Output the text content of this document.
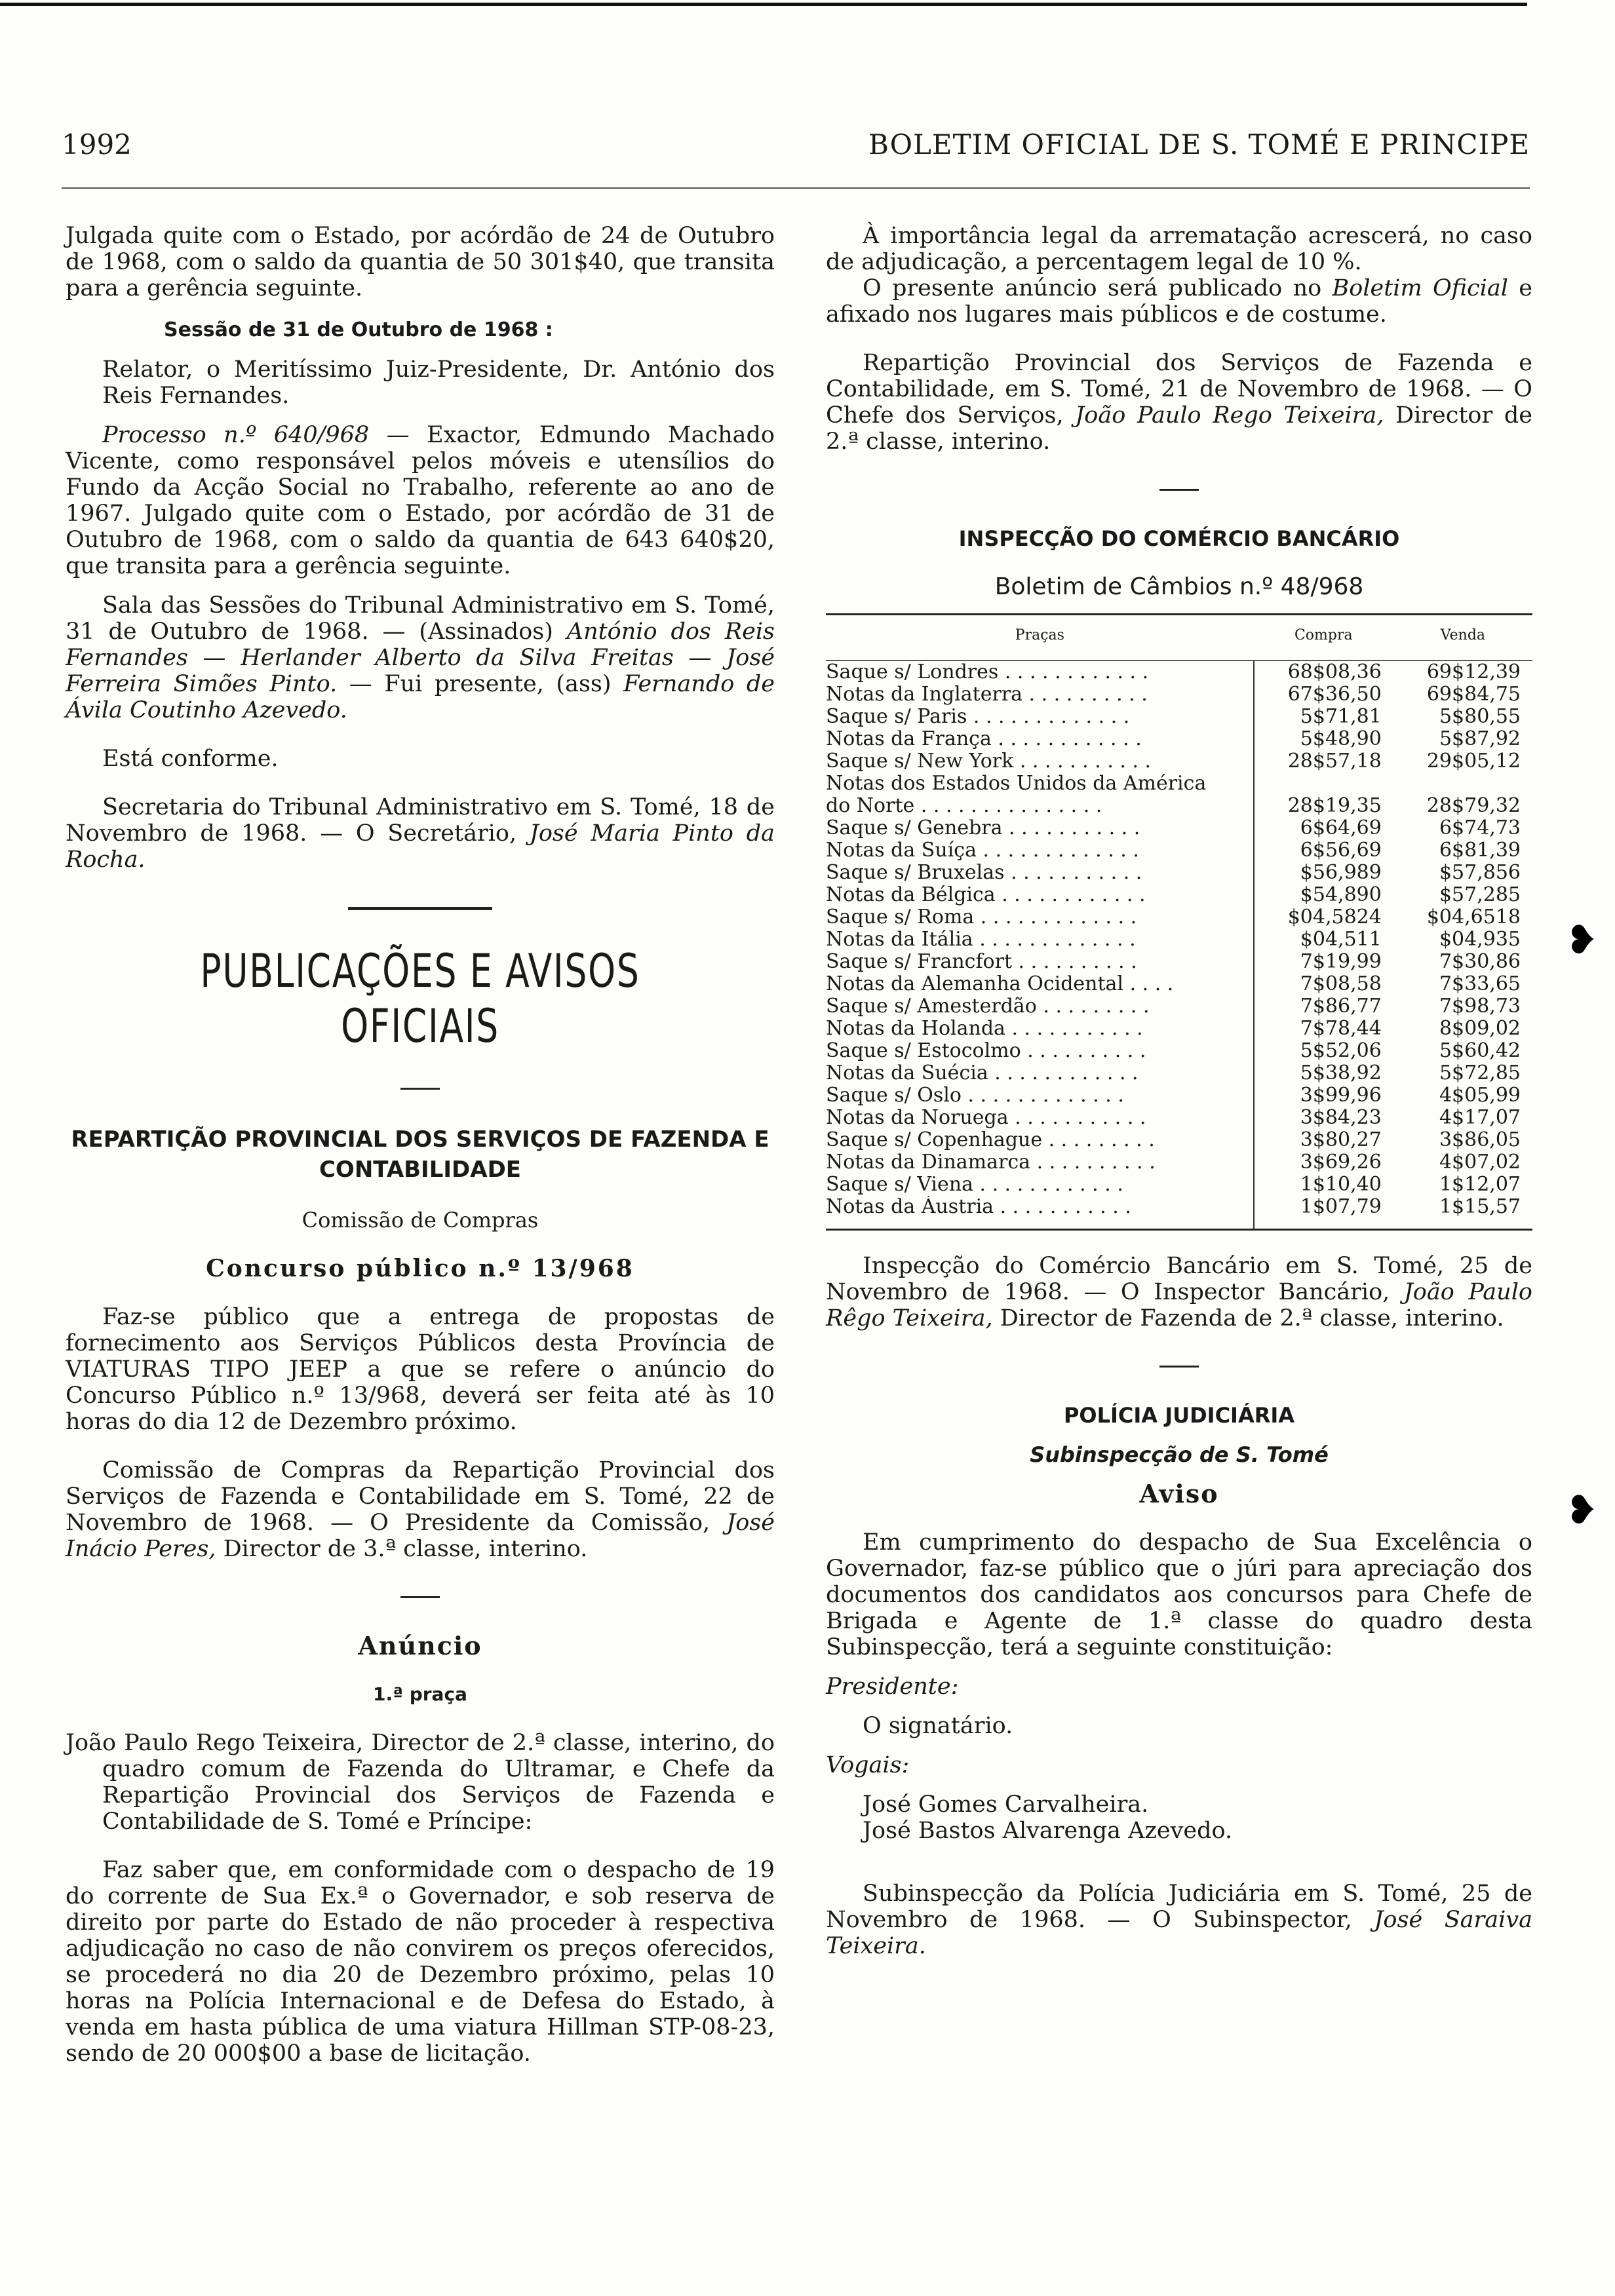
1992	BOLETIM OFICIAL DE S. TOMÉ E PRINCIPE

Julgada quite com o Estado, por acórdão de 24 de Outubro de 1968, com o saldo da quantia de 50 301$40, que transita para a gerência seguinte.

Sessão de 31 de Outubro de 1968 :

Relator, o Meritíssimo Juiz-Presidente, Dr. António dos Reis Fernandes.

Processo n.º 640/968 — Exactor, Edmundo Machado Vicente, como responsável pelos móveis e utensílios do Fundo da Acção Social no Trabalho, referente ao ano de 1967. Julgado quite com o Estado, por acórdão de 31 de Outubro de 1968, com o saldo da quantia de 643 640$20, que transita para a gerência seguinte.

Sala das Sessões do Tribunal Administrativo em S. Tomé, 31 de Outubro de 1968. — (Assinados) António dos Reis Fernandes — Herlander Alberto da Silva Freitas — José Ferreira Simões Pinto. — Fui presente, (ass) Fernando de Ávila Coutinho Azevedo.

Está conforme.

Secretaria do Tribunal Administrativo em S. Tomé, 18 de Novembro de 1968. — O Secretário, José Maria Pinto da Rocha.

PUBLICAÇÕES E AVISOS OFICIAIS

REPARTIÇÃO PROVINCIAL DOS SERVIÇOS DE FAZENDA E CONTABILIDADE

Comissão de Compras

Concurso público n.º 13/968

Faz-se público que a entrega de propostas de fornecimento aos Serviços Públicos desta Província de VIATURAS TIPO JEEP a que se refere o anúncio do Concurso Público n.º 13/968, deverá ser feita até às 10 horas do dia 12 de Dezembro próximo.

Comissão de Compras da Repartição Provincial dos Serviços de Fazenda e Contabilidade em S. Tomé, 22 de Novembro de 1968. — O Presidente da Comissão, José Inácio Peres, Director de 3.ª classe, interino.

Anúncio

1.ª praça

João Paulo Rego Teixeira, Director de 2.ª classe, interino, do quadro comum de Fazenda do Ultramar, e Chefe da Repartição Provincial dos Serviços de Fazenda e Contabilidade de S. Tomé e Príncipe:

Faz saber que, em conformidade com o despacho de 19 do corrente de Sua Ex.ª o Governador, e sob reserva de direito por parte do Estado de não proceder à respectiva adjudicação no caso de não convirem os preços oferecidos, se procederá no dia 20 de Dezembro próximo, pelas 10 horas na Polícia Internacional e de Defesa do Estado, à venda em hasta pública de uma viatura Hillman STP-08-23, sendo de 20 000$00 a base de licitação.

À importância legal da arrematação acrescerá, no caso de adjudicação, a percentagem legal de 10 %.

O presente anúncio será publicado no Boletim Oficial e afixado nos lugares mais públicos e de costume.

Repartição Provincial dos Serviços de Fazenda e Contabilidade, em S. Tomé, 21 de Novembro de 1968. — O Chefe dos Serviços, João Paulo Rego Teixeira, Director de 2.ª classe, interino.

INSPECÇÃO DO COMÉRCIO BANCÁRIO

Boletim de Câmbios n.º 48/968

Praças	Compra	Venda
Saque s/ Londres . . . . . . . . . . . .	68$08,36	69$12,39
Notas da Inglaterra . . . . . . . . . .	67$36,50	69$84,75
Saque s/ Paris . . . . . . . . . . . . .	5$71,81	5$80,55
Notas da França . . . . . . . . . . . .	5$48,90	5$87,92
Saque s/ New York . . . . . . . . . . .	28$57,18	29$05,12
Notas dos Estados Unidos da América		
do Norte . . . . . . . . . . . . . . .	28$19,35	28$79,32
Saque s/ Genebra . . . . . . . . . . .	6$64,69	6$74,73
Notas da Suíça . . . . . . . . . . . . .	6$56,69	6$81,39
Saque s/ Bruxelas . . . . . . . . . . .	$56,989	$57,856
Notas da Bélgica . . . . . . . . . . . .	$54,890	$57,285
Saque s/ Roma . . . . . . . . . . . . .	$04,5824	$04,6518
Notas da Itália . . . . . . . . . . . . .	$04,511	$04,935
Saque s/ Francfort . . . . . . . . . .	7$19,99	7$30,86
Notas da Alemanha Ocidental . . . .	7$08,58	7$33,65
Saque s/ Amesterdão . . . . . . . . .	7$86,77	7$98,73
Notas da Holanda . . . . . . . . . . .	7$78,44	8$09,02
Saque s/ Estocolmo . . . . . . . . . .	5$52,06	5$60,42
Notas da Suécia . . . . . . . . . . . .	5$38,92	5$72,85
Saque s/ Oslo . . . . . . . . . . . . .	3$99,96	4$05,99
Notas da Noruega . . . . . . . . . . .	3$84,23	4$17,07
Saque s/ Copenhague . . . . . . . . .	3$80,27	3$86,05
Notas da Dinamarca . . . . . . . . . .	3$69,26	4$07,02
Saque s/ Viena . . . . . . . . . . . .	1$10,40	1$12,07
Notas da Áustria . . . . . . . . . . .	1$07,79	1$15,57

Inspecção do Comércio Bancário em S. Tomé, 25 de Novembro de 1968. — O Inspector Bancário, João Paulo Rêgo Teixeira, Director de Fazenda de 2.ª classe, interino.

POLÍCIA JUDICIÁRIA

Subinspecção de S. Tomé

Aviso

Em cumprimento do despacho de Sua Excelência o Governador, faz-se público que o júri para apreciação dos documentos dos candidatos aos concursos para Chefe de Brigada e Agente de 1.ª classe do quadro desta Subinspecção, terá a seguinte constituição:

Presidente:

O signatário.

Vogais:

José Gomes Carvalheira.

José Bastos Alvarenga Azevedo.

Subinspecção da Polícia Judiciária em S. Tomé, 25 de Novembro de 1968. — O Subinspector, José Saraiva Teixeira.

❥
❥
